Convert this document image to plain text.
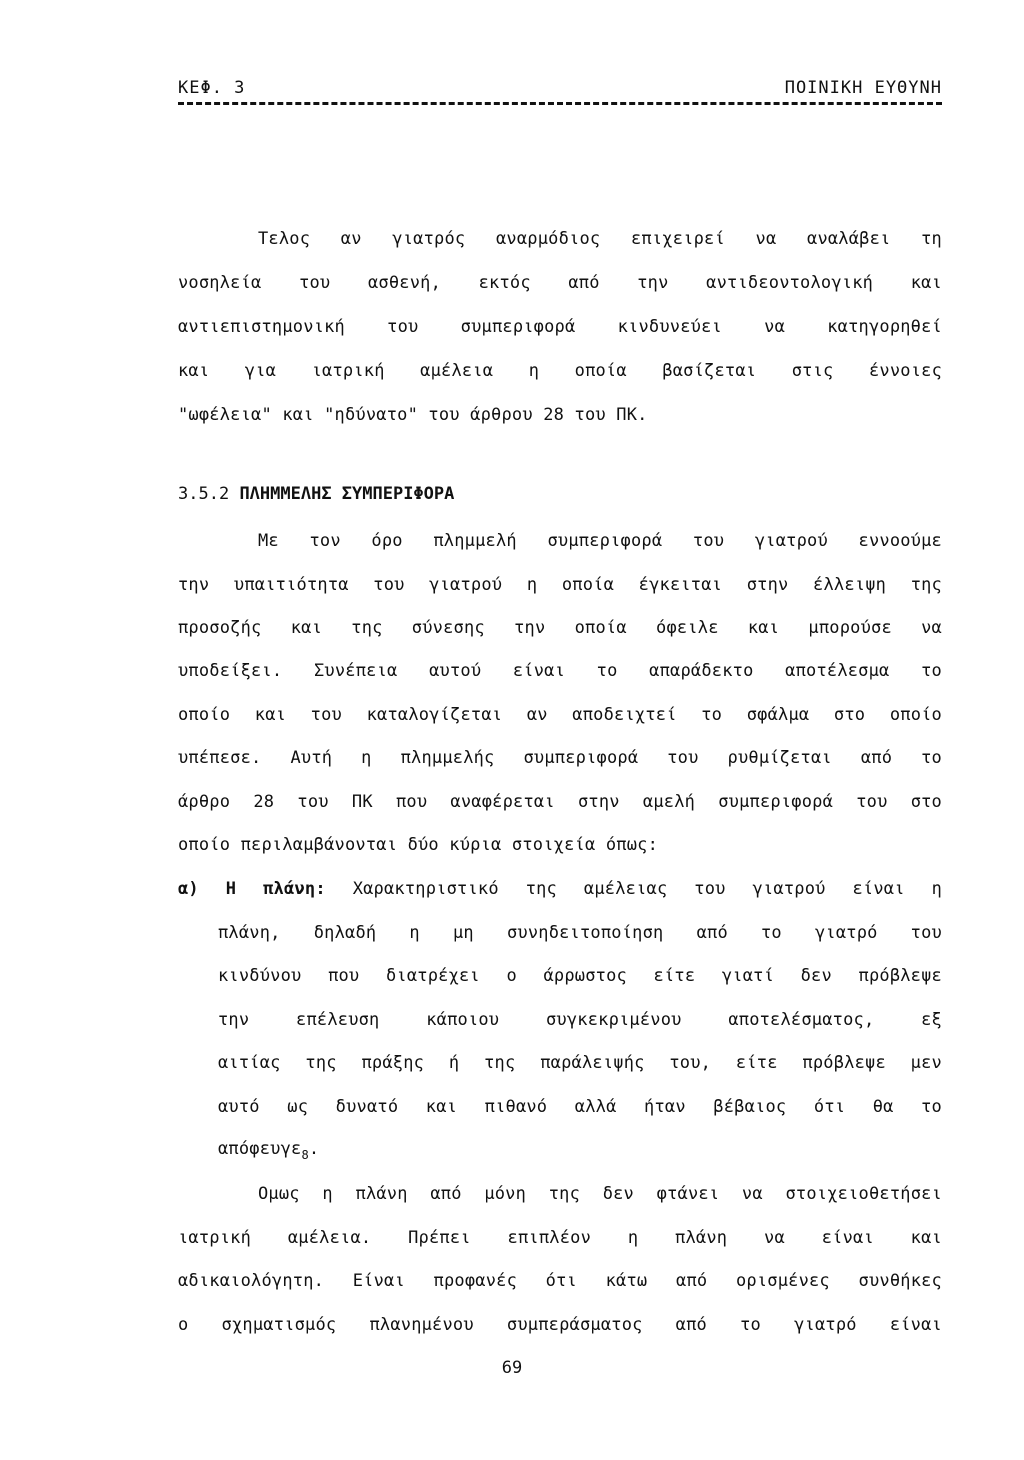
ΚΕΦ. 3	ΠΟΙΝΙΚΗ ΕΥΘΥΝΗ
Τελος αν γιατρός αναρμόδιος επιχειρεί να αναλάβει τη
νοσηλεία του ασθενή, εκτός από την αντιδεοντολογική και
αντιεπιστημονική του συμπεριφορά κινδυνεύει να κατηγορηθεί
και για ιατρική αμέλεια η οποία βασίζεται στις έννοιες
"ωφέλεια" και "ηδύνατο" του άρθρου 28 του ΠΚ.
3.5.2 ΠΛΗΜΜΕΛΗΣ ΣΥΜΠΕΡΙΦΟΡΑ
Με τον όρο πλημμελή συμπεριφορά του γιατρού εννοούμε
την υπαιτιότητα του γιατρού η οποία έγκειται στην έλλειψη της
προσοζής και της σύνεσης την οποία όφειλε και μπορούσε να
υποδείξει. Συνέπεια αυτού είναι το απαράδεκτο αποτέλεσμα το
οποίο και του καταλογίζεται αν αποδειχτεί το σφάλμα στο οποίο
υπέπεσε. Αυτή η πλημμελής συμπεριφορά του ρυθμίζεται από το
άρθρο 28 του ΠΚ που αναφέρεται στην αμελή συμπεριφορά του στο
οποίο περιλαμβάνονται δύο κύρια στοιχεία όπως:
α) Η πλάνη: Χαρακτηριστικό της αμέλειας του γιατρού είναι η
πλάνη, δηλαδή η μη συνηδειτοποίηση από το γιατρό του
κινδύνου που διατρέχει ο άρρωστος είτε γιατί δεν πρόβλεψε
την επέλευση κάποιου συγκεκριμένου αποτελέσματος, εξ
αιτίας της πράξης ή της παράλειψής του, είτε πρόβλεψε μεν
αυτό ως δυνατό και πιθανό αλλά ήταν βέβαιος ότι θα το
απόφευγε$_8$.
Ομως η πλάνη από μόνη της δεν φτάνει να στοιχειοθετήσει
ιατρική αμέλεια. Πρέπει επιπλέον η πλάνη να είναι και
αδικαιολόγητη. Είναι προφανές ότι κάτω από ορισμένες συνθήκες
ο σχηματισμός πλανημένου συμπεράσματος από το γιατρό είναι
69
